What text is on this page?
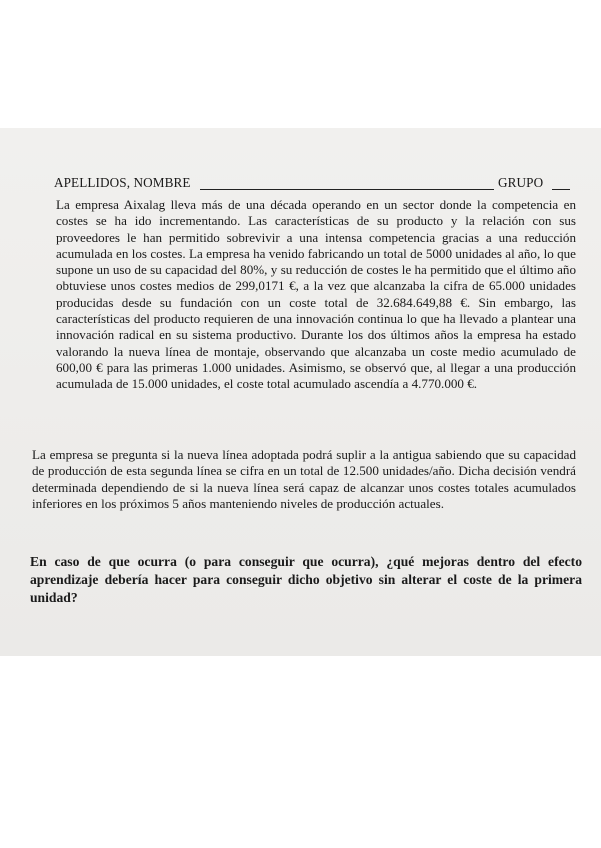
APELLIDOS, NOMBRE	GRUPO

La empresa Aixalag lleva más de una década operando en un sector donde la competencia en costes se ha ido incrementando. Las características de su producto y la relación con sus proveedores le han permitido sobrevivir a una intensa competencia gracias a una reducción acumulada en los costes. La empresa ha venido fabricando un total de 5000 unidades al año, lo que supone un uso de su capacidad del 80%, y su reducción de costes le ha permitido que el último año obtuviese unos costes medios de 299,0171 €, a la vez que alcanzaba la cifra de 65.000 unidades producidas desde su fundación con un coste total de 32.684.649,88 €. Sin embargo, las características del producto requieren de una innovación continua lo que ha llevado a plantear una innovación radical en su sistema productivo. Durante los dos últimos años la empresa ha estado valorando la nueva línea de montaje, observando que alcanzaba un coste medio acumulado de 600,00 € para las primeras 1.000 unidades. Asimismo, se observó que, al llegar a una producción acumulada de 15.000 unidades, el coste total acumulado ascendía a 4.770.000 €.

La empresa se pregunta si la nueva línea adoptada podrá suplir a la antigua sabiendo que su capacidad de producción de esta segunda línea se cifra en un total de 12.500 unidades/año. Dicha decisión vendrá determinada dependiendo de si la nueva línea será capaz de alcanzar unos costes totales acumulados inferiores en los próximos 5 años manteniendo niveles de producción actuales.

En caso de que ocurra (o para conseguir que ocurra), ¿qué mejoras dentro del efecto aprendizaje debería hacer para conseguir dicho objetivo sin alterar el coste de la primera unidad?
